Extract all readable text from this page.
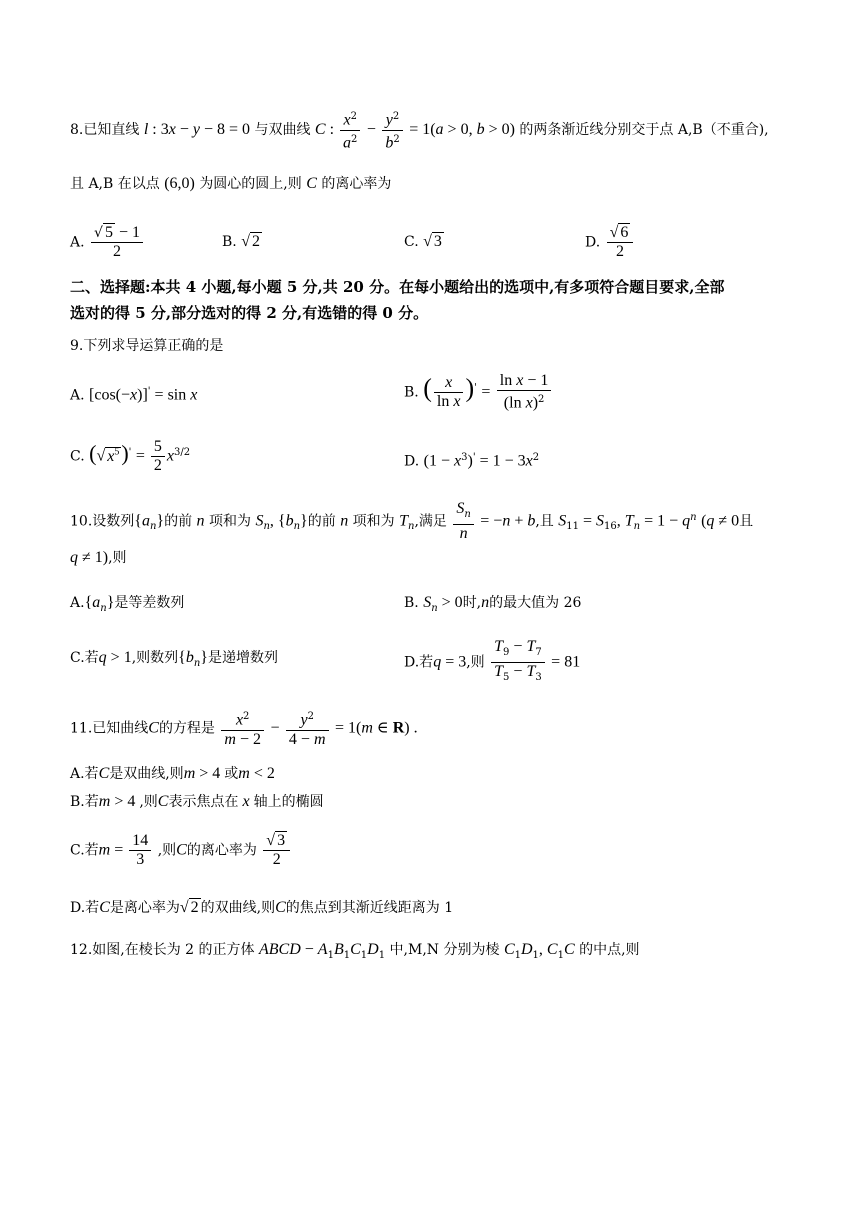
8.已知直线 l : 3x − y − 8 = 0 与双曲线 C : $\frac{x^2}{a^2} - \frac{y^2}{b^2} = 1(a > 0$, b > 0) 的两条渐近线分别交于点 A,B（不重合),
且 A,B 在以点 (6,0) 为圆心的圆上,则 C 的离心率为
A. $\frac{√ 5 - 1}{2}$	B. √ 2	C. √ 3	D. $\frac{√ 6}{2}$
二、选择题:本共 4 小题,每小题 5 分,共 20 分。在每小题给出的选项中,有多项符合题目要求,全部
选对的得 5 分,部分选对的得 2 分,有选错的得 0 分。
9.下列求导运算正确的是
A. [cos(−x)]' = sin x	B. ( $\frac{x}{\text{ln x}} )' = \frac{\text{ln x − 1}}{(\ln x)^2}$
C. (√ $x^5)' = \frac{5}{2} x^{3/2}$
D. $(1 - x^3)' = 1 - 3x^2$
10.设数列$\{a_n\}$的前 n 项和为 $S_n$, $\{b_n\}$的前 n 项和为 $T_n$,满足 $\frac{S_n}{n} = -n + b$,且 $S_{11} = S_{16}$, $T_n = 1 - q^n$ (q ≠ 0且
q ≠ 1),则
$A.\{a_n\}$是等差数列	B. $S_n > 0$时,n的最大值为 26
C.若q > 1,则数列$\{b_n\}$是递增数列	D.若q = 3,则 $\frac{T_9 - T_7}{T_5 - T_3} = 81$
11.已知曲线C的方程是 $\frac{x^2}{m - 2} - \frac{y^2}{4 - m} = 1(m$ ∈ R) .
A.若C是双曲线,则m > 4 或m < 2
B.若m > 4 ,则C表示焦点在 x 轴上的椭圆
C.若$m = \frac{14}{3}$ ,则C的离心率为 $\frac{√ 3}{2}$
D.若C是离心率为√ 2 的双曲线,则C的焦点到其渐近线距离为 1
12.如图,在棱长为 2 的正方体 ABCD − $A_1B_1C_1D_1$ 中,M,N 分别为棱 $C_1D_1$, $C_1C$ 的中点,则
